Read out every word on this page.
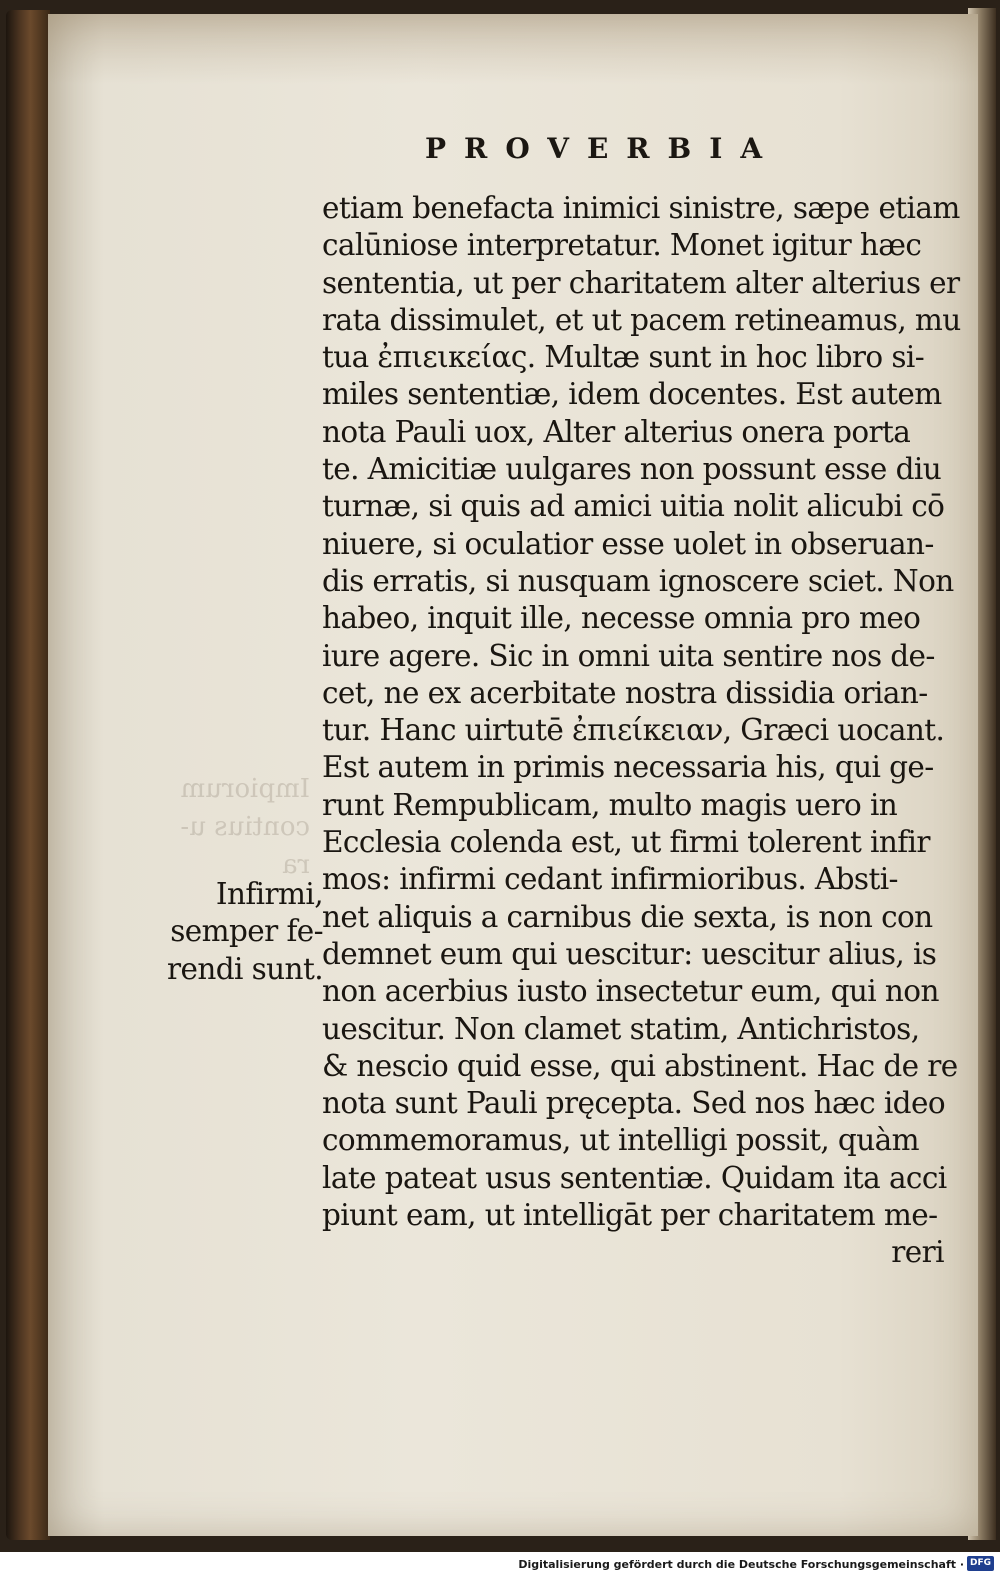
Impiorum
contius u-
ra
PROVERBIA
etiam benefacta inimici sinistre, sæpe etiam
calūniose interpretatur. Monet igitur hæc
sententia, ut per charitatem alter alterius er
rata dissimulet, et ut pacem retineamus, mu
tua ἐπιεικείας. Multæ sunt in hoc libro si-
miles sententiæ, idem docentes. Est autem
nota Pauli uox, Alter alterius onera porta
te. Amicitiæ uulgares non possunt esse diu
turnæ, si quis ad amici uitia nolit alicubi cō
niuere, si oculatior esse uolet in obseruan-
dis erratis, si nusquam ignoscere sciet. Non
habeo, inquit ille, necesse omnia pro meo
iure agere. Sic in omni uita sentire nos de-
cet, ne ex acerbitate nostra dissidia orian-
tur. Hanc uirtutē ἐπιείκειαν, Græci uocant.
Est autem in primis necessaria his, qui ge-
runt Rempublicam, multo magis uero in
Ecclesia colenda est, ut firmi tolerent infir
mos: infirmi cedant infirmioribus. Absti-
net aliquis a carnibus die sexta, is non con
demnet eum qui uescitur: uescitur alius, is
non acerbius iusto insectetur eum, qui non
uescitur. Non clamet statim, Antichristos,
& nescio quid esse, qui abstinent. Hac de re
nota sunt Pauli pręcepta. Sed nos hæc ideo
commemoramus, ut intelligi possit, quàm
late pateat usus sententiæ. Quidam ita acci
piunt eam, ut intelligāt per charitatem me-
reri
Infirmi,
semper fe-
rendi sunt.
Digitalisierung gefördert durch die Deutsche Forschungsgemeinschaft · DFG
